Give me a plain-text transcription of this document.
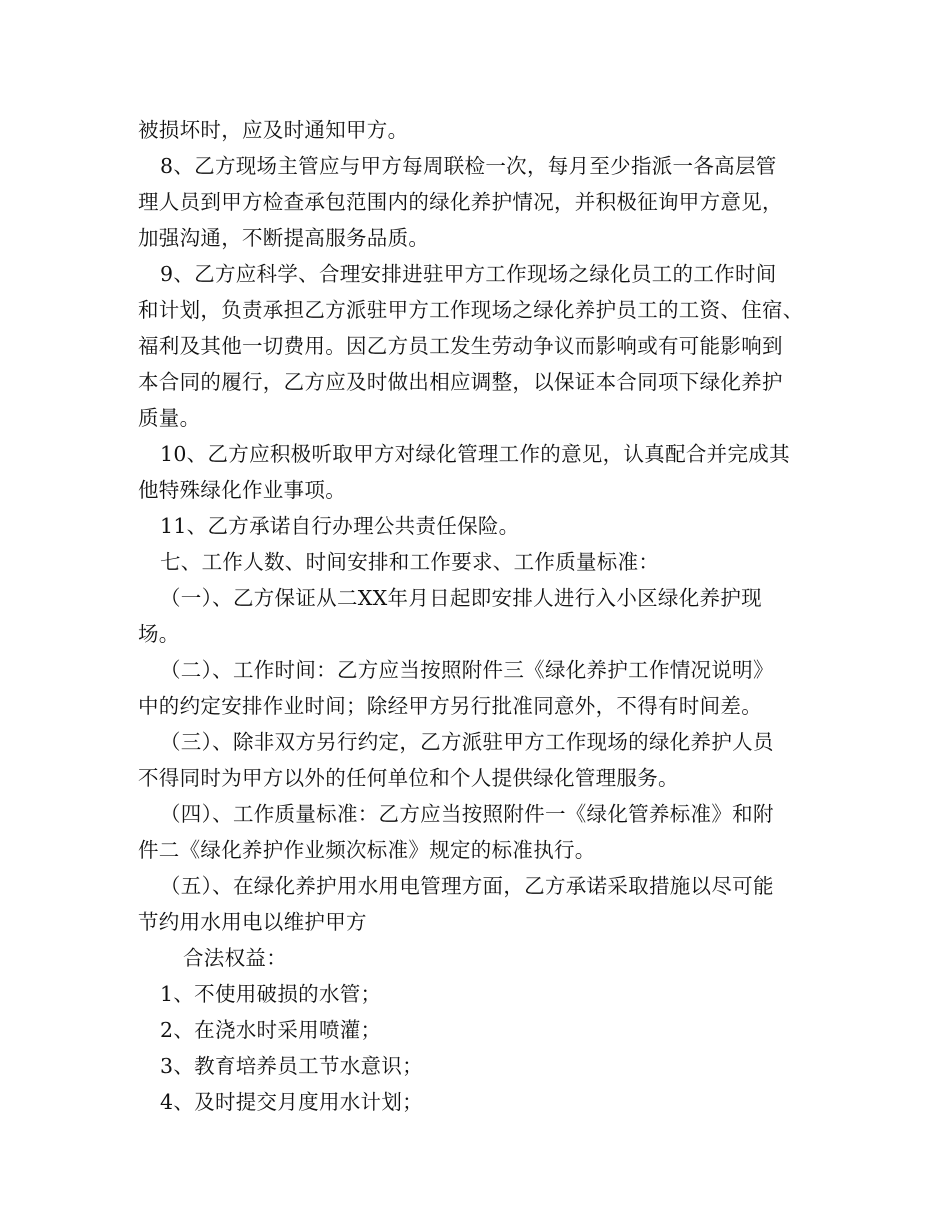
被损坏时，应及时通知甲方。
8、乙方现场主管应与甲方每周联检一次，每月至少指派一各高层管
理人员到甲方检查承包范围内的绿化养护情况，并积极征询甲方意见，
加强沟通，不断提高服务品质。
9、乙方应科学、合理安排进驻甲方工作现场之绿化员工的工作时间
和计划，负责承担乙方派驻甲方工作现场之绿化养护员工的工资、住宿、
福利及其他一切费用。因乙方员工发生劳动争议而影响或有可能影响到
本合同的履行，乙方应及时做出相应调整，以保证本合同项下绿化养护
质量。
10、乙方应积极听取甲方对绿化管理工作的意见，认真配合并完成其
他特殊绿化作业事项。
11、乙方承诺自行办理公共责任保险。
七、工作人数、时间安排和工作要求、工作质量标准：
（一）、乙方保证从二XX年月日起即安排人进行入小区绿化养护现
场。
（二）、工作时间：乙方应当按照附件三《绿化养护工作情况说明》
中的约定安排作业时间；除经甲方另行批准同意外，不得有时间差。
（三）、除非双方另行约定，乙方派驻甲方工作现场的绿化养护人员
不得同时为甲方以外的任何单位和个人提供绿化管理服务。
（四）、工作质量标准：乙方应当按照附件一《绿化管养标准》和附
件二《绿化养护作业频次标准》规定的标准执行。
（五）、在绿化养护用水用电管理方面，乙方承诺采取措施以尽可能
节约用水用电以维护甲方
合法权益：
1、不使用破损的水管；
2、在浇水时采用喷灌；
3、教育培养员工节水意识；
4、及时提交月度用水计划；
